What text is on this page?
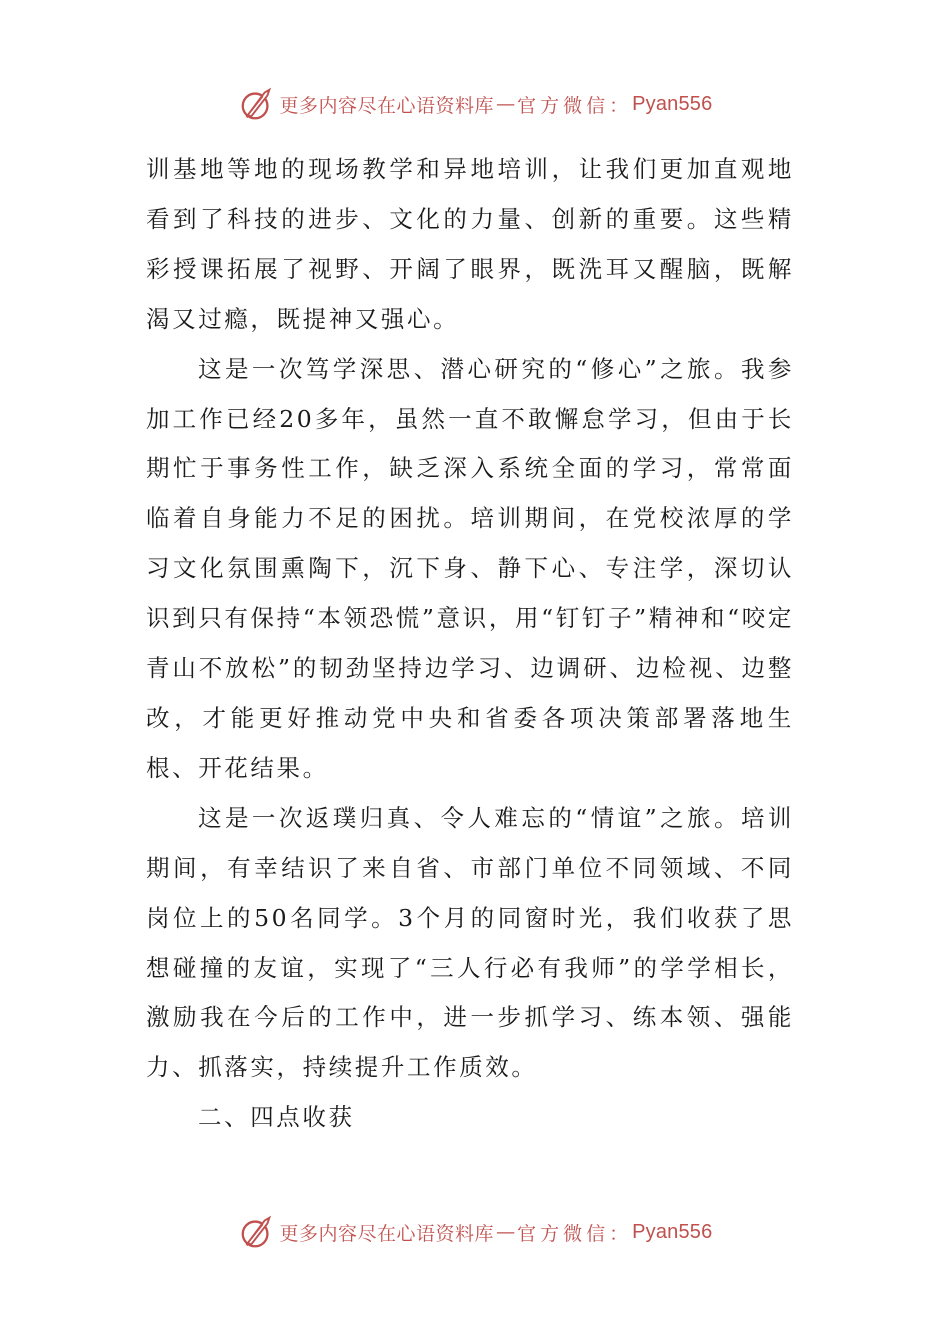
更多内容尽在心语资料库 — 官方微信： Pyan556

训基地等地的现场教学和异地培训，让我们更加直观地看到了科技的进步、文化的力量、创新的重要。这些精彩授课拓展了视野、开阔了眼界，既洗耳又醒脑，既解渴又过瘾，既提神又强心。

这是一次笃学深思、潜心研究的“修心”之旅。我参加工作已经20多年，虽然一直不敢懈怠学习，但由于长期忙于事务性工作，缺乏深入系统全面的学习，常常面临着自身能力不足的困扰。培训期间，在党校浓厚的学习文化氛围熏陶下，沉下身、静下心、专注学，深切认识到只有保持“本领恐慌”意识，用“钉钉子”精神和“咬定青山不放松”的韧劲坚持边学习、边调研、边检视、边整改，才能更好推动党中央和省委各项决策部署落地生根、开花结果。

这是一次返璞归真、令人难忘的“情谊”之旅。培训期间，有幸结识了来自省、市部门单位不同领域、不同岗位上的50名同学。3个月的同窗时光，我们收获了思想碰撞的友谊，实现了“三人行必有我师”的学学相长，激励我在今后的工作中，进一步抓学习、练本领、强能力、抓落实，持续提升工作质效。

二、四点收获

更多内容尽在心语资料库 — 官方微信： Pyan556
